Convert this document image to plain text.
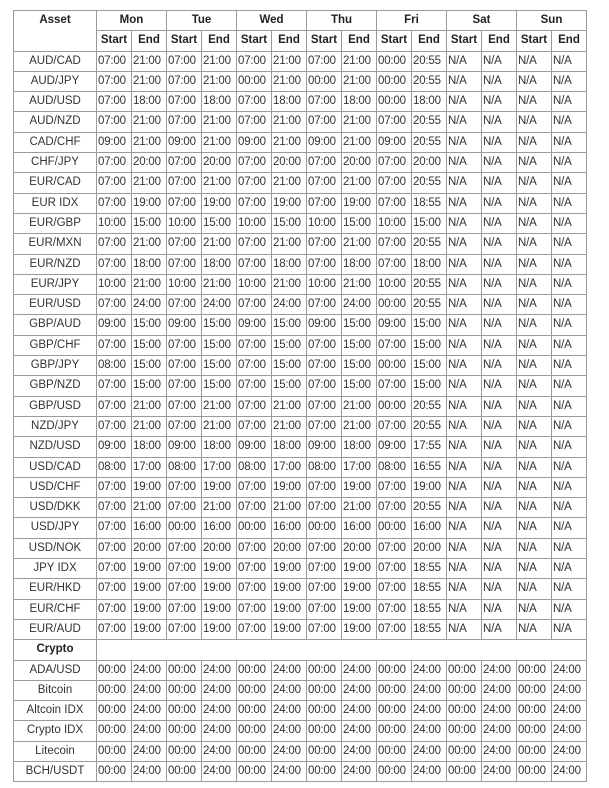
Asset	Mon		Tue		Wed		Thu		Fri		Sat		Sun	
	Start	End	Start	End	Start	End	Start	End	Start	End	Start	End	Start	End
AUD/CAD	07:00	21:00	07:00	21:00	07:00	21:00	07:00	21:00	00:00	20:55	N/A	N/A	N/A	N/A
AUD/JPY	07:00	21:00	07:00	21:00	00:00	21:00	00:00	21:00	00:00	20:55	N/A	N/A	N/A	N/A
AUD/USD	07:00	18:00	07:00	18:00	07:00	18:00	07:00	18:00	00:00	18:00	N/A	N/A	N/A	N/A
AUD/NZD	07:00	21:00	07:00	21:00	07:00	21:00	07:00	21:00	07:00	20:55	N/A	N/A	N/A	N/A
CAD/CHF	09:00	21:00	09:00	21:00	09:00	21:00	09:00	21:00	09:00	20:55	N/A	N/A	N/A	N/A
CHF/JPY	07:00	20:00	07:00	20:00	07:00	20:00	07:00	20:00	07:00	20:00	N/A	N/A	N/A	N/A
EUR/CAD	07:00	21:00	07:00	21:00	07:00	21:00	07:00	21:00	07:00	20:55	N/A	N/A	N/A	N/A
EUR IDX	07:00	19:00	07:00	19:00	07:00	19:00	07:00	19:00	07:00	18:55	N/A	N/A	N/A	N/A
EUR/GBP	10:00	15:00	10:00	15:00	10:00	15:00	10:00	15:00	10:00	15:00	N/A	N/A	N/A	N/A
EUR/MXN	07:00	21:00	07:00	21:00	07:00	21:00	07:00	21:00	07:00	20:55	N/A	N/A	N/A	N/A
EUR/NZD	07:00	18:00	07:00	18:00	07:00	18:00	07:00	18:00	07:00	18:00	N/A	N/A	N/A	N/A
EUR/JPY	10:00	21:00	10:00	21:00	10:00	21:00	10:00	21:00	10:00	20:55	N/A	N/A	N/A	N/A
EUR/USD	07:00	24:00	07:00	24:00	07:00	24:00	07:00	24:00	00:00	20:55	N/A	N/A	N/A	N/A
GBP/AUD	09:00	15:00	09:00	15:00	09:00	15:00	09:00	15:00	09:00	15:00	N/A	N/A	N/A	N/A
GBP/CHF	07:00	15:00	07:00	15:00	07:00	15:00	07:00	15:00	07:00	15:00	N/A	N/A	N/A	N/A
GBP/JPY	08:00	15:00	07:00	15:00	07:00	15:00	07:00	15:00	00:00	15:00	N/A	N/A	N/A	N/A
GBP/NZD	07:00	15:00	07:00	15:00	07:00	15:00	07:00	15:00	07:00	15:00	N/A	N/A	N/A	N/A
GBP/USD	07:00	21:00	07:00	21:00	07:00	21:00	07:00	21:00	00:00	20:55	N/A	N/A	N/A	N/A
NZD/JPY	07:00	21:00	07:00	21:00	07:00	21:00	07:00	21:00	07:00	20:55	N/A	N/A	N/A	N/A
NZD/USD	09:00	18:00	09:00	18:00	09:00	18:00	09:00	18:00	09:00	17:55	N/A	N/A	N/A	N/A
USD/CAD	08:00	17:00	08:00	17:00	08:00	17:00	08:00	17:00	08:00	16:55	N/A	N/A	N/A	N/A
USD/CHF	07:00	19:00	07:00	19:00	07:00	19:00	07:00	19:00	07:00	19:00	N/A	N/A	N/A	N/A
USD/DKK	07:00	21:00	07:00	21:00	07:00	21:00	07:00	21:00	07:00	20:55	N/A	N/A	N/A	N/A
USD/JPY	07:00	16:00	00:00	16:00	00:00	16:00	00:00	16:00	00:00	16:00	N/A	N/A	N/A	N/A
USD/NOK	07:00	20:00	07:00	20:00	07:00	20:00	07:00	20:00	07:00	20:00	N/A	N/A	N/A	N/A
JPY IDX	07:00	19:00	07:00	19:00	07:00	19:00	07:00	19:00	07:00	18:55	N/A	N/A	N/A	N/A
EUR/HKD	07:00	19:00	07:00	19:00	07:00	19:00	07:00	19:00	07:00	18:55	N/A	N/A	N/A	N/A
EUR/CHF	07:00	19:00	07:00	19:00	07:00	19:00	07:00	19:00	07:00	18:55	N/A	N/A	N/A	N/A
EUR/AUD	07:00	19:00	07:00	19:00	07:00	19:00	07:00	19:00	07:00	18:55	N/A	N/A	N/A	N/A
Crypto														
ADA/USD	00:00	24:00	00:00	24:00	00:00	24:00	00:00	24:00	00:00	24:00	00:00	24:00	00:00	24:00
Bitcoin	00:00	24:00	00:00	24:00	00:00	24:00	00:00	24:00	00:00	24:00	00:00	24:00	00:00	24:00
Altcoin IDX	00:00	24:00	00:00	24:00	00:00	24:00	00:00	24:00	00:00	24:00	00:00	24:00	00:00	24:00
Crypto IDX	00:00	24:00	00:00	24:00	00:00	24:00	00:00	24:00	00:00	24:00	00:00	24:00	00:00	24:00
Litecoin	00:00	24:00	00:00	24:00	00:00	24:00	00:00	24:00	00:00	24:00	00:00	24:00	00:00	24:00
BCH/USDT	00:00	24:00	00:00	24:00	00:00	24:00	00:00	24:00	00:00	24:00	00:00	24:00	00:00	24:00
